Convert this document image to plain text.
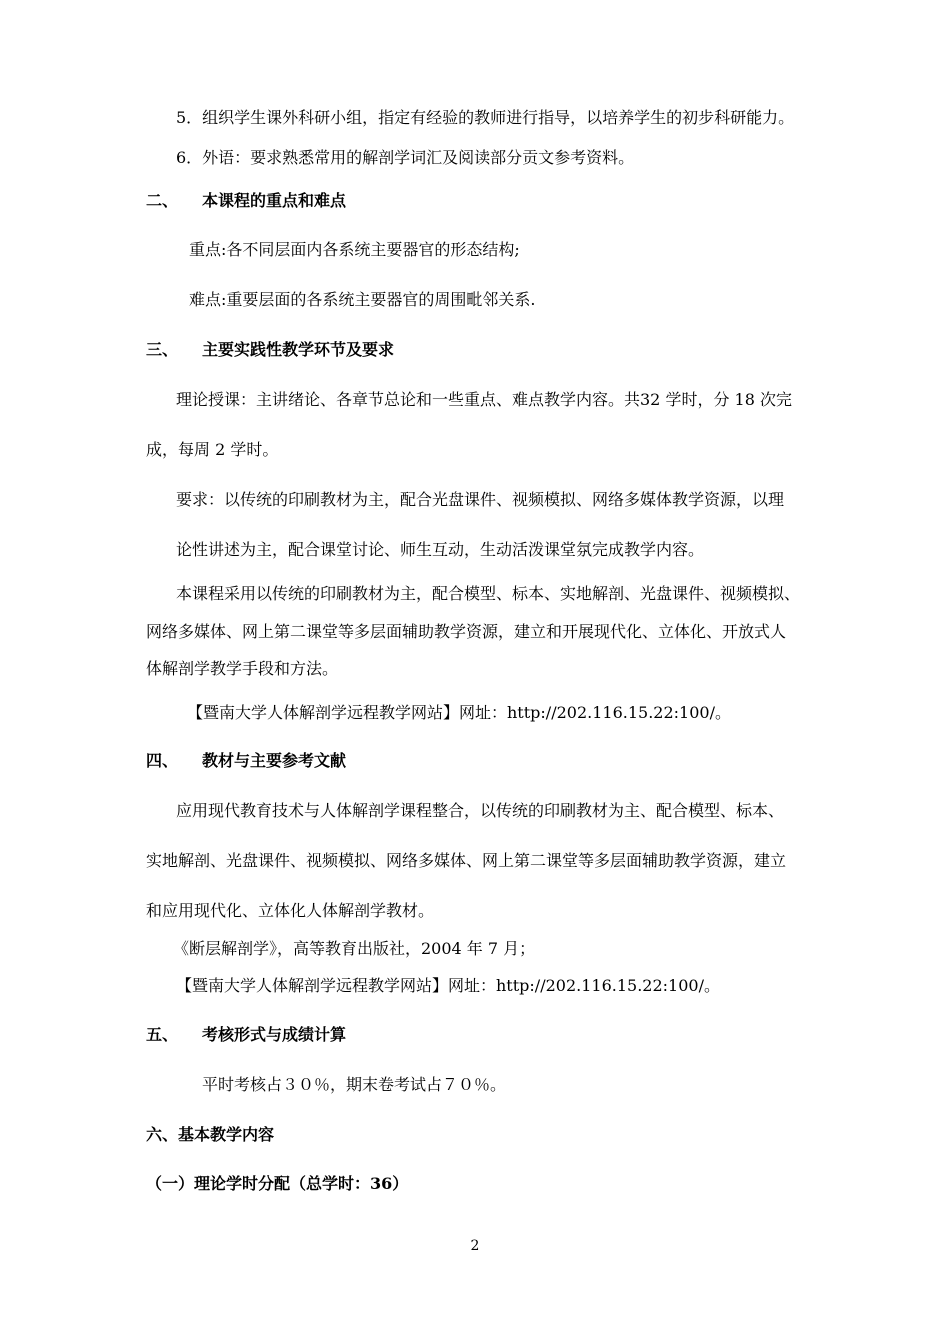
5．组织学生课外科研小组，指定有经验的教师进行指导，以培养学生的初步科研能力。
6．外语：要求熟悉常用的解剖学词汇及阅读部分贡文参考资料。
二、 本课程的重点和难点
重点:各不同层面内各系统主要器官的形态结构;
难点:重要层面的各系统主要器官的周围毗邻关系.
三、 主要实践性教学环节及要求
理论授课：主讲绪论、各章节总论和一些重点、难点教学内容。共32 学时，分 18 次完
成，每周 2 学时。
要求：以传统的印刷教材为主，配合光盘课件、视频模拟、网络多媒体教学资源，以理
论性讲述为主，配合课堂讨论、师生互动，生动活泼课堂氛完成教学内容。
本课程采用以传统的印刷教材为主，配合模型、标本、实地解剖、光盘课件、视频模拟、
网络多媒体、网上第二课堂等多层面辅助教学资源，建立和开展现代化、立体化、开放式人
体解剖学教学手段和方法。
【暨南大学人体解剖学远程教学网站】网址：http://202.116.15.22:100/。
四、 教材与主要参考文献
应用现代教育技术与人体解剖学课程整合，以传统的印刷教材为主、配合模型、标本、
实地解剖、光盘课件、视频模拟、网络多媒体、网上第二课堂等多层面辅助教学资源，建立
和应用现代化、立体化人体解剖学教材。
《断层解剖学》，高等教育出版社，2004 年 7 月；
【暨南大学人体解剖学远程教学网站】网址：http://202.116.15.22:100/。
五、 考核形式与成绩计算
平时考核占３０％，期末卷考试占７０％。
六、基本教学内容
（一）理论学时分配（总学时：36）
2
